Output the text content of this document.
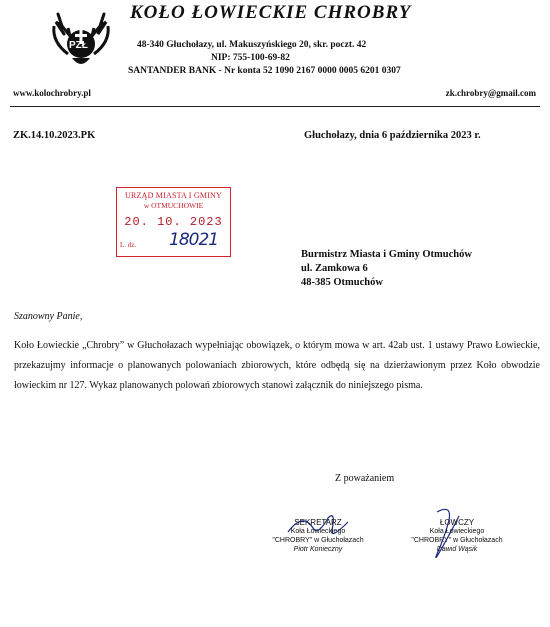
PZŁ
KOŁO ŁOWIECKIE CHROBRY
48-340 Głuchołazy, ul. Makuszyńskiego 20, skr. poczt. 42
NIP: 755-100-69-82
SANTANDER BANK - Nr konta 52 1090 2167 0000 0005 6201 0307
www.kolochrobry.pl	zk.chrobry@gmail.com
ZK.14.10.2023.PK	Głuchołazy, dnia 6 października 2023 r.
URZĄD MIASTA I GMINY
w OTMUCHOWIE
20. 10. 2023
L. dz. 18021
Burmistrz Miasta i Gminy Otmuchów
ul. Zamkowa 6
48-385 Otmuchów
Szanowny Panie,
Koło Łowieckie „Chrobry” w Głuchołazach wypełniając obowiązek, o którym mowa w art. 42ab ust. 1 ustawy Prawo Łowieckie, przekazujmy informacje o planowanych polowaniach zbiorowych, które odbędą się na dzierżawionym przez Koło obwodzie łowieckim nr 127. Wykaz planowanych polowań zbiorowych stanowi załącznik do niniejszego pisma.
Z poważaniem
SEKRETARZ
Koła Łowieckiego
"CHROBRY" w Głuchołazach
Piotr Konieczny
ŁOWCZY
Koła Łowieckiego
"CHROBRY" w Głuchołazach
Dawid Wąsik
